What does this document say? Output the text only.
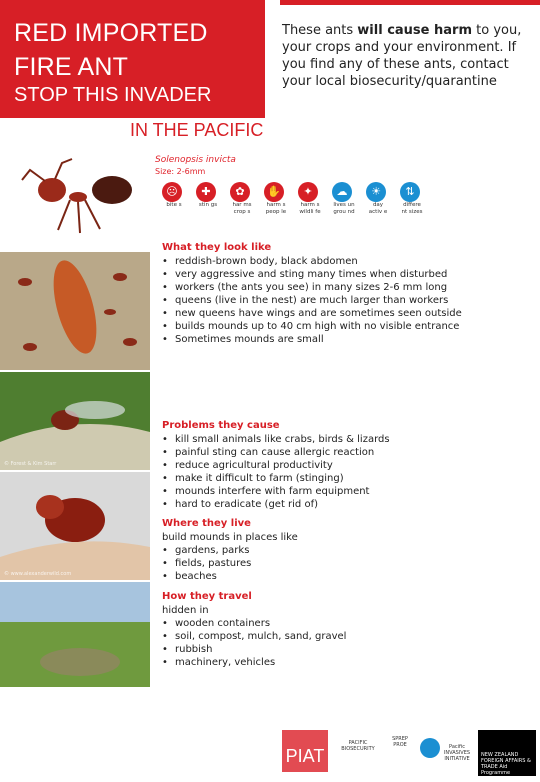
RED IMPORTED
FIRE ANT
STOP THIS INVADER
These ants will cause harm to you, your crops and your environment. If you find any of these ants, contact your local biosecurity/quarantine
IN THE PACIFIC
© www.alexanderwild.com
© Forest & Kim Starr
© www.alexanderwild.com
Solenopsis invicta
Size: 2-6mm
☹
bite s
✚
stin gs
✿
har ms crop s
✋
harm s peop le
✦
harm s wildli fe
☁
lives un grou nd
☀
day activ e
⇅
differe nt sizes
What they look like
• reddish-brown body, black abdomen
• very aggressive and sting many times when disturbed
• workers (the ants you see) in many sizes 2-6 mm long
• queens (live in the nest) are much larger than workers
• new queens have wings and are sometimes seen outside
• builds mounds up to 40 cm high with no visible entrance
• Sometimes mounds are small
Problems they cause
• kill small animals like crabs, birds & lizards
• painful sting can cause allergic reaction
• reduce agricultural productivity
• make it difficult to farm (stinging)
• mounds interfere with farm equipment
• hard to eradicate (get rid of)
Where they live
build mounds in places like
• gardens, parks
• fields, pastures
• beaches
How they travel
hidden in
• wooden containers
• soil, compost, mulch, sand, gravel
• rubbish
• machinery, vehicles
PIAT
PACIFIC BIOSECURITY
SPREP PROE	Pacific INVASIVES INITIATIVE
NEW ZEALAND FOREIGN AFFAIRS & TRADE Aid Programme
